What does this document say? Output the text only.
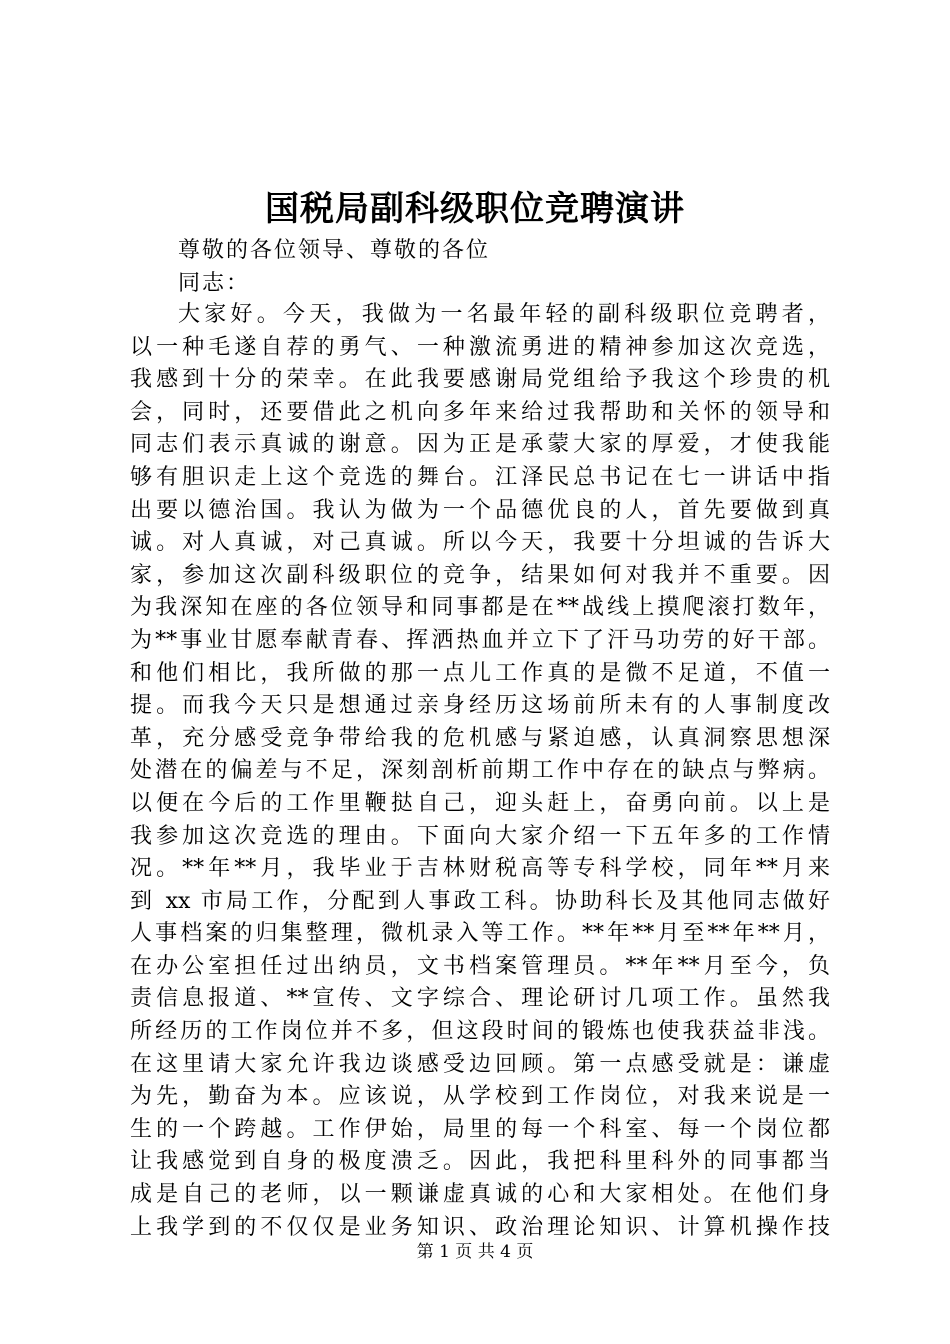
国税局副科级职位竞聘演讲
尊敬的各位领导、尊敬的各位
同志：
大家好。今天，我做为一名最年轻的副科级职位竞聘者，
以一种毛遂自荐的勇气、一种激流勇进的精神参加这次竞选，
我感到十分的荣幸。在此我要感谢局党组给予我这个珍贵的机
会，同时，还要借此之机向多年来给过我帮助和关怀的领导和
同志们表示真诚的谢意。因为正是承蒙大家的厚爱，才使我能
够有胆识走上这个竞选的舞台。江泽民总书记在七一讲话中指
出要以德治国。我认为做为一个品德优良的人，首先要做到真
诚。对人真诚，对己真诚。所以今天，我要十分坦诚的告诉大
家，参加这次副科级职位的竞争，结果如何对我并不重要。因
为我深知在座的各位领导和同事都是在**战线上摸爬滚打数年，
为**事业甘愿奉献青春、挥洒热血并立下了汗马功劳的好干部。
和他们相比，我所做的那一点儿工作真的是微不足道，不值一
提。而我今天只是想通过亲身经历这场前所未有的人事制度改
革，充分感受竞争带给我的危机感与紧迫感，认真洞察思想深
处潜在的偏差与不足，深刻剖析前期工作中存在的缺点与弊病。
以便在今后的工作里鞭挞自己，迎头赶上，奋勇向前。以上是
我参加这次竞选的理由。下面向大家介绍一下五年多的工作情
况。**年**月，我毕业于吉林财税高等专科学校，同年**月来
到 xx 市局工作，分配到人事政工科。协助科长及其他同志做好
人事档案的归集整理，微机录入等工作。**年**月至**年**月，
在办公室担任过出纳员，文书档案管理员。**年**月至今，负
责信息报道、**宣传、文字综合、理论研讨几项工作。虽然我
所经历的工作岗位并不多，但这段时间的锻炼也使我获益非浅。
在这里请大家允许我边谈感受边回顾。第一点感受就是：谦虚
为先，勤奋为本。应该说，从学校到工作岗位，对我来说是一
生的一个跨越。工作伊始，局里的每一个科室、每一个岗位都
让我感觉到自身的极度溃乏。因此，我把科里科外的同事都当
成是自己的老师，以一颗谦虚真诚的心和大家相处。在他们身
上我学到的不仅仅是业务知识、政治理论知识、计算机操作技
第 1 页 共 4 页
